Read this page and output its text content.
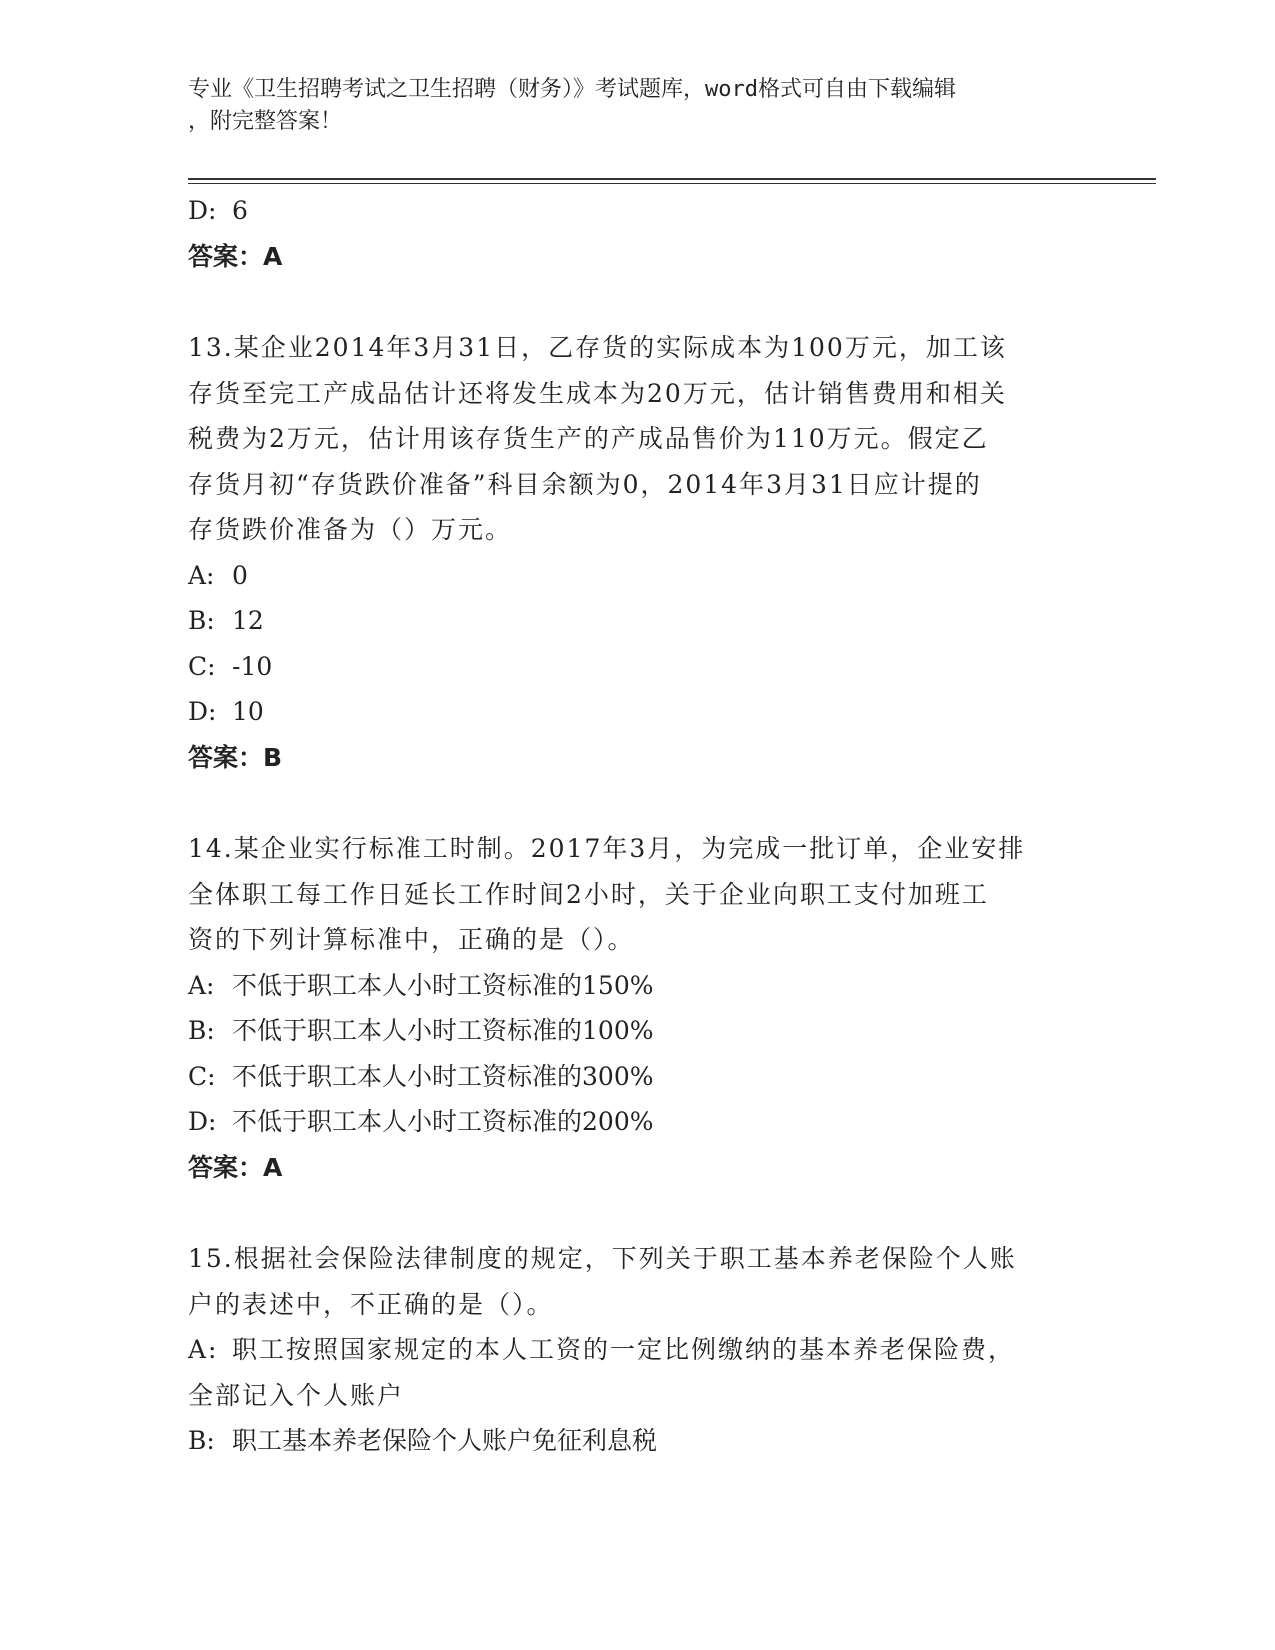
专业《卫生招聘考试之卫生招聘（财务）》考试题库，word格式可自由下载编辑
，附完整答案！
D: 6
答案：A
13.某企业2014年3月31日，乙存货的实际成本为100万元，加工该
存货至完工产成品估计还将发生成本为20万元，估计销售费用和相关
税费为2万元，估计用该存货生产的产成品售价为110万元。假定乙
存货月初“存货跌价准备”科目余额为0，2014年3月31日应计提的
存货跌价准备为（）万元。
A: 0
B: 12
C: -10
D: 10
答案：B
14.某企业实行标准工时制。2017年3月，为完成一批订单，企业安排
全体职工每工作日延长工作时间2小时，关于企业向职工支付加班工
资的下列计算标准中，正确的是（）。
A: 不低于职工本人小时工资标准的150%
B: 不低于职工本人小时工资标准的100%
C: 不低于职工本人小时工资标准的300%
D: 不低于职工本人小时工资标准的200%
答案：A
15.根据社会保险法律制度的规定，下列关于职工基本养老保险个人账
户的表述中，不正确的是（）。
A: 职工按照国家规定的本人工资的一定比例缴纳的基本养老保险费，
全部记入个人账户
B: 职工基本养老保险个人账户免征利息税
